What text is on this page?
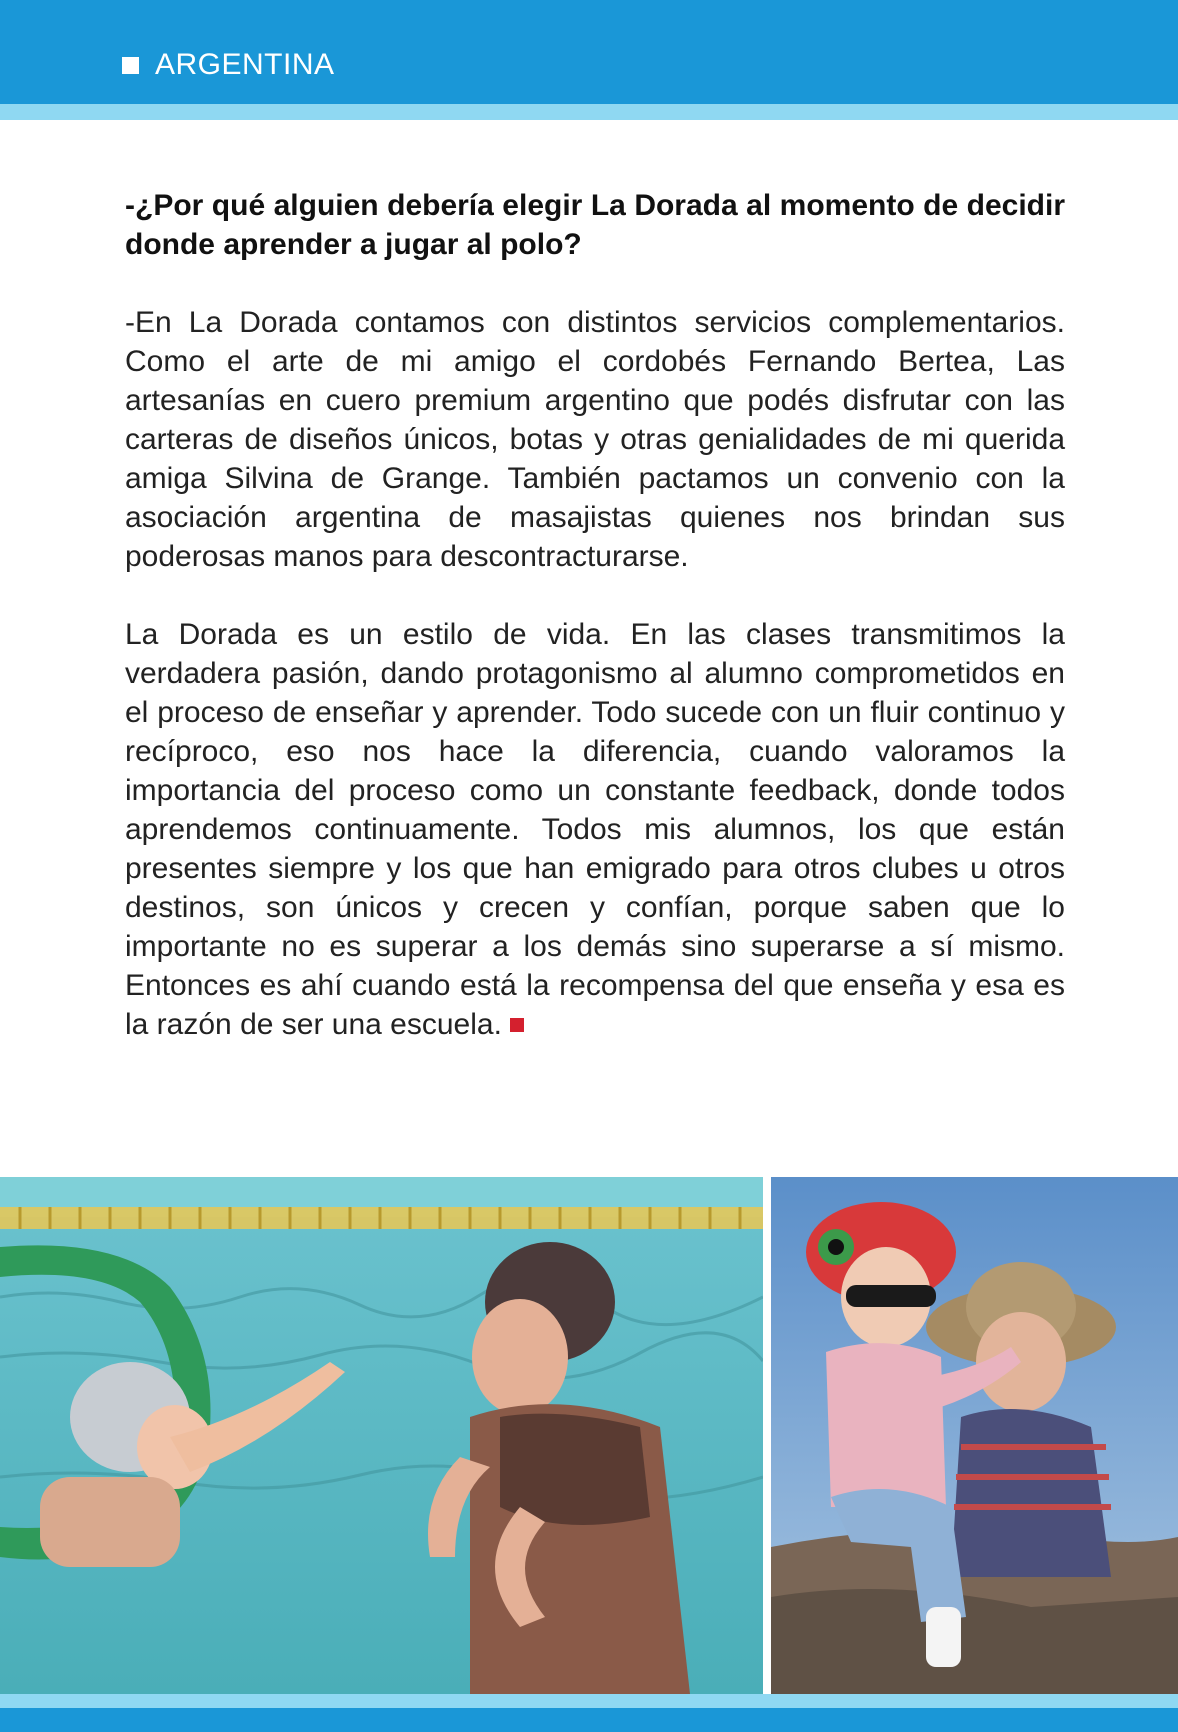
ARGENTINA

-¿Por qué alguien debería elegir La Dorada al momento de decidir donde aprender a jugar al polo?

-En La Dorada contamos con distintos servicios complementarios. Como el arte de mi amigo el cordobés Fernando Bertea, Las artesanías en cuero premium argentino que podés disfrutar con las carteras de diseños únicos, botas y otras genialidades de mi querida amiga Silvina de Grange. También pactamos un convenio con la asociación argentina de masajistas quienes nos brindan sus poderosas manos para descontracturarse.

La Dorada es un estilo de vida. En las clases transmitimos la verdadera pasión, dando protagonismo al alumno comprometidos en el proceso de enseñar y aprender. Todo sucede con un fluir continuo y recíproco, eso nos hace la diferencia, cuando valoramos la importancia del proceso como un constante feedback, donde todos aprendemos continuamente. Todos mis alumnos, los que están presentes siempre y los que han emigrado para otros clubes u otros destinos, son únicos y crecen y confían, porque saben que lo importante no es superar a los demás sino superarse a sí mismo. Entonces es ahí cuando está la recompensa del que enseña y esa es la razón de ser una escuela.
